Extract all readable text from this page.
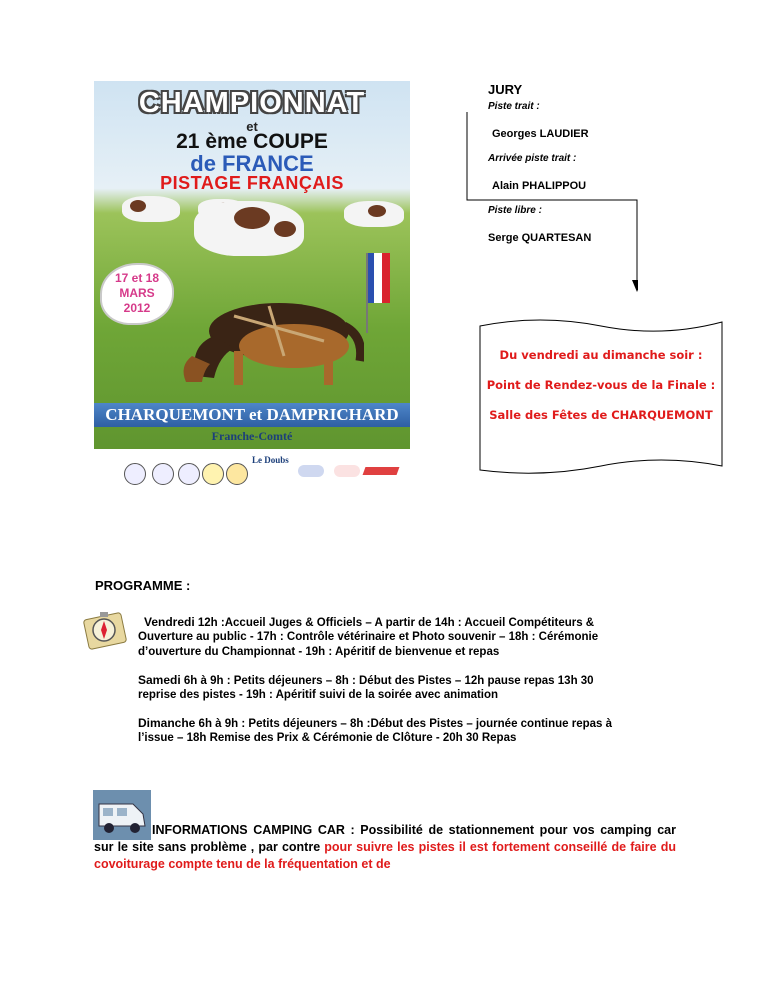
CHAMPIONNAT
et
21 ème COUPE
de FRANCE
PISTAGE FRANÇAIS
17 et 18
MARS
2012
CHARQUEMONT et DAMPRICHARD
Franche-Comté
Le Doubs
JURY
Piste trait :
Georges LAUDIER
Arrivée piste trait :
Alain PHALIPPOU
Piste libre :
Serge QUARTESAN
Du vendredi au dimanche soir :
Point de Rendez-vous de la Finale :
Salle des Fêtes de CHARQUEMONT
PROGRAMME :
Vendredi 12h :Accueil Juges & Officiels – A partir de 14h : Accueil Compétiteurs &
Ouverture au public - 17h : Contrôle vétérinaire et Photo souvenir – 18h : Cérémonie
d’ouverture du Championnat - 19h : Apéritif de bienvenue et repas
Samedi 6h à 9h : Petits déjeuners – 8h : Début des Pistes – 12h pause repas 13h 30
reprise des pistes - 19h : Apéritif suivi de la soirée avec animation
Dimanche 6h à 9h : Petits déjeuners – 8h :Début des Pistes – journée continue repas à
l’issue – 18h Remise des Prix & Cérémonie de Clôture - 20h 30 Repas
INFORMATIONS CAMPING CAR : Possibilité de stationnement pour vos camping car sur le site sans problème , par contre pour suivre les pistes il est fortement conseillé de faire du covoiturage compte tenu de la fréquentation et de
